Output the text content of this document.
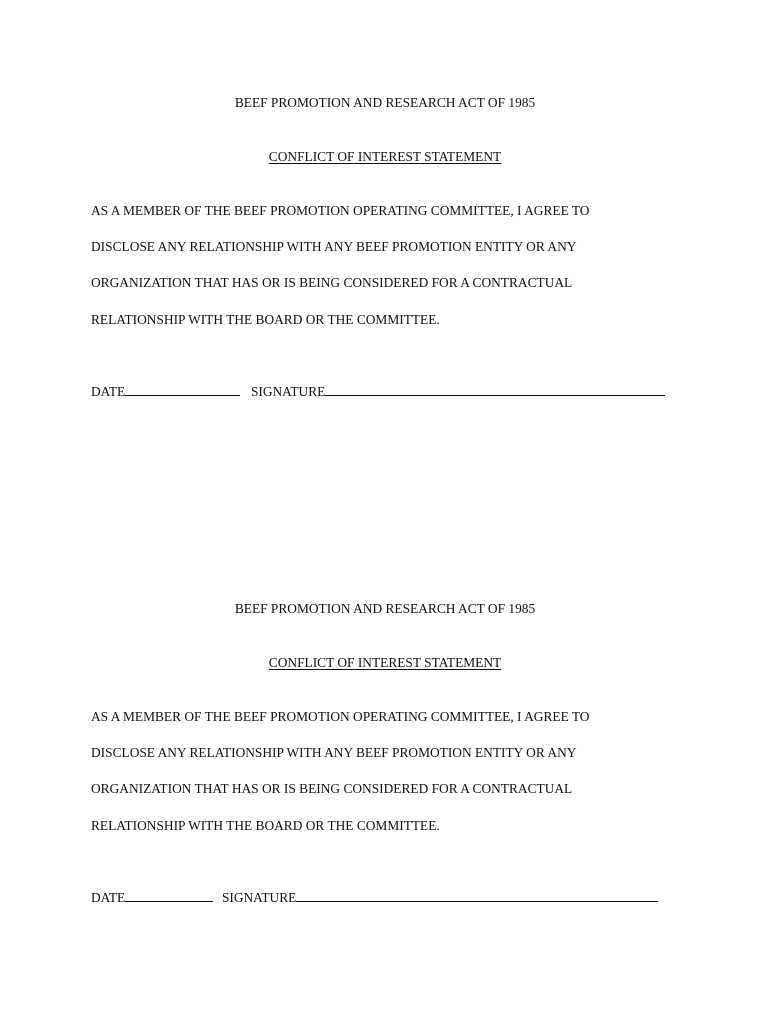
BEEF PROMOTION AND RESEARCH ACT OF 1985
CONFLICT OF INTEREST STATEMENT
AS A MEMBER OF THE BEEF PROMOTION OPERATING COMMITTEE, I AGREE TO
DISCLOSE ANY RELATIONSHIP WITH ANY BEEF PROMOTION ENTITY OR ANY
ORGANIZATION THAT HAS OR IS BEING CONSIDERED FOR A CONTRACTUAL
RELATIONSHIP WITH THE BOARD OR THE COMMITTEE.
DATE	SIGNATURE
BEEF PROMOTION AND RESEARCH ACT OF 1985
CONFLICT OF INTEREST STATEMENT
AS A MEMBER OF THE BEEF PROMOTION OPERATING COMMITTEE, I AGREE TO
DISCLOSE ANY RELATIONSHIP WITH ANY BEEF PROMOTION ENTITY OR ANY
ORGANIZATION THAT HAS OR IS BEING CONSIDERED FOR A CONTRACTUAL
RELATIONSHIP WITH THE BOARD OR THE COMMITTEE.
DATE	SIGNATURE
